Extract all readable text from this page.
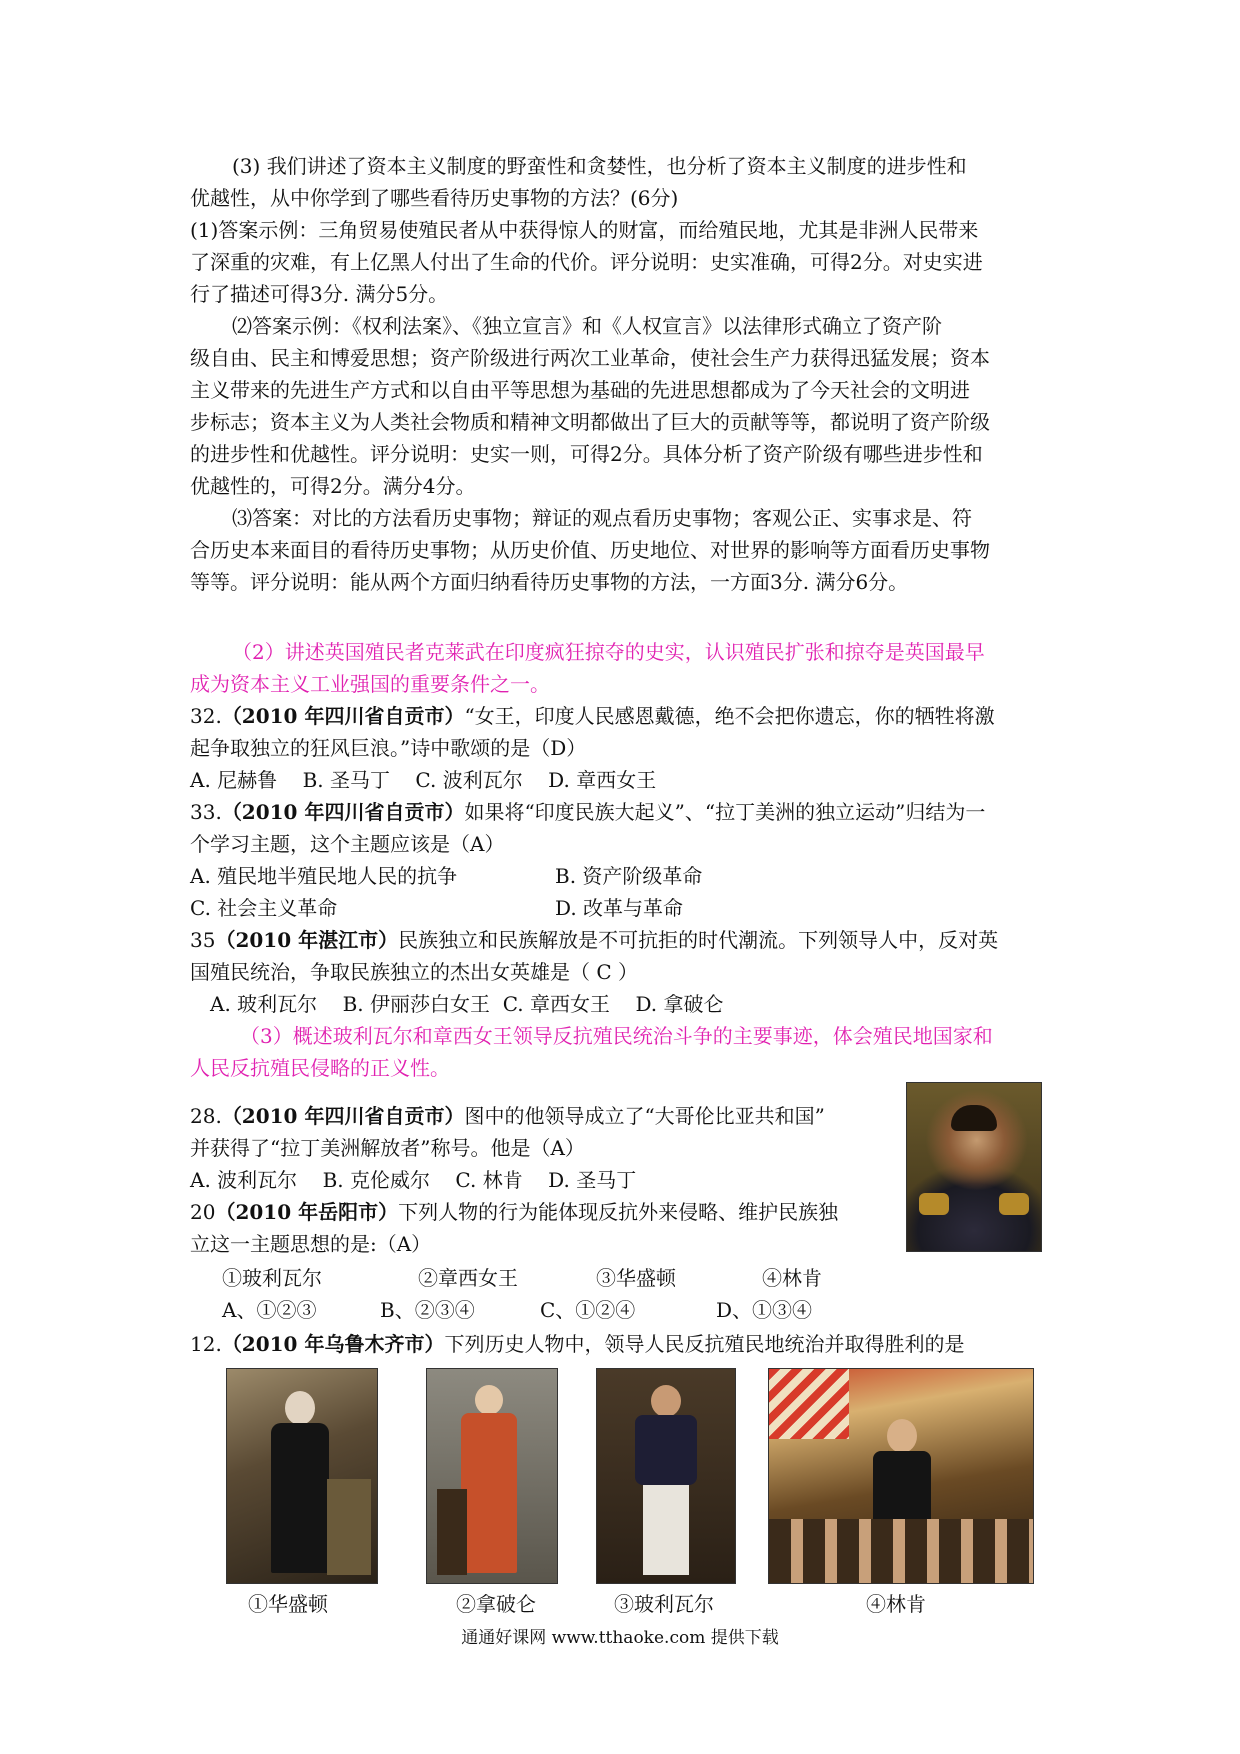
(3) 我们讲述了资本主义制度的野蛮性和贪婪性，也分析了资本主义制度的进步性和
优越性，从中你学到了哪些看待历史事物的方法？(6分)
(1)答案示例：三角贸易使殖民者从中获得惊人的财富，而给殖民地，尤其是非洲人民带来
了深重的灾难，有上亿黑人付出了生命的代价。评分说明：史实准确，可得2分。对史实进
行了描述可得3分. 满分5分。
⑵答案示例：《权利法案》、《独立宣言》和《人权宣言》以法律形式确立了资产阶
级自由、民主和博爱思想；资产阶级进行两次工业革命，使社会生产力获得迅猛发展；资本
主义带来的先进生产方式和以自由平等思想为基础的先进思想都成为了今天社会的文明进
步标志；资本主义为人类社会物质和精神文明都做出了巨大的贡献等等，都说明了资产阶级
的进步性和优越性。评分说明：史实一则，可得2分。具体分析了资产阶级有哪些进步性和
优越性的，可得2分。满分4分。
⑶答案：对比的方法看历史事物；辩证的观点看历史事物；客观公正、实事求是、符
合历史本来面目的看待历史事物；从历史价值、历史地位、对世界的影响等方面看历史事物
等等。评分说明：能从两个方面归纳看待历史事物的方法，一方面3分. 满分6分。
（2）讲述英国殖民者克莱武在印度疯狂掠夺的史实，认识殖民扩张和掠夺是英国最早
成为资本主义工业强国的重要条件之一。
32.（2010 年四川省自贡市）“女王，印度人民感恩戴德，绝不会把你遗忘，你的牺牲将激
起争取独立的狂风巨浪。”诗中歌颂的是（D）
A. 尼赫鲁    B. 圣马丁    C. 波利瓦尔    D. 章西女王
33.（2010 年四川省自贡市）如果将“印度民族大起义”、“拉丁美洲的独立运动”归结为一
个学习主题，这个主题应该是（A）
A. 殖民地半殖民地人民的抗争	B. 资产阶级革命
C. 社会主义革命	D. 改革与革命
35（2010 年湛江市）民族独立和民族解放是不可抗拒的时代潮流。下列领导人中，反对英
国殖民统治，争取民族独立的杰出女英雄是（ C ）
A. 玻利瓦尔    B. 伊丽莎白女王  C. 章西女王    D. 拿破仑
（3）概述玻利瓦尔和章西女王领导反抗殖民统治斗争的主要事迹，体会殖民地国家和
人民反抗殖民侵略的正义性。
28.（2010 年四川省自贡市）图中的他领导成立了“大哥伦比亚共和国”
并获得了“拉丁美洲解放者”称号。他是（A）
A. 波利瓦尔    B. 克伦威尔    C. 林肯    D. 圣马丁
20（2010 年岳阳市）下列人物的行为能体现反抗外来侵略、维护民族独
立这一主题思想的是:（A）
①玻利瓦尔	②章西女王	③华盛顿	④林肯
A、①②③	B、②③④	C、①②④	D、①③④
12.（2010 年乌鲁木齐市）下列历史人物中，领导人民反抗殖民地统治并取得胜利的是
①华盛顿	②拿破仑	③玻利瓦尔	④林肯
通通好课网 www.tthaoke.com 提供下载
